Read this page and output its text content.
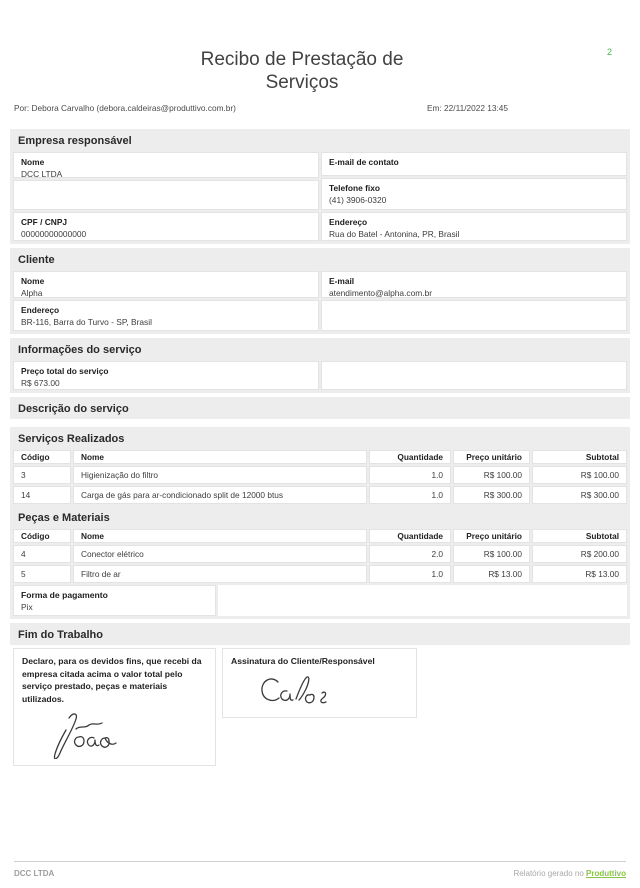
2
Recibo de Prestação de Serviços
Por: Debora Carvalho (debora.caldeiras@produttivo.com.br)	Em: 22/11/2022 13:45
Empresa responsável
Nome
DCC LTDA
CPF / CNPJ
00000000000000
E-mail de contato
Telefone fixo
(41) 3906-0320
Endereço
Rua do Batel - Antonina, PR, Brasil
Cliente
Nome
Alpha
Endereço
BR-116, Barra do Turvo - SP, Brasil
E-mail
atendimento@alpha.com.br
Informações do serviço
Preço total do serviço
R$ 673.00
Descrição do serviço
Serviços Realizados
Código	Nome	Quantidade	Preço unitário	Subtotal
3	Higienização do filtro	1.0	R$ 100.00	R$ 100.00
14	Carga de gás para ar-condicionado split de 12000 btus	1.0	R$ 300.00	R$ 300.00
Peças e Materiais
Código	Nome	Quantidade	Preço unitário	Subtotal
4	Conector elétrico	2.0	R$ 100.00	R$ 200.00
5	Filtro de ar	1.0	R$ 13.00	R$ 13.00
Forma de pagamento
Pix
Fim do Trabalho
Declaro, para os devidos fins, que recebi da empresa citada acima o valor total pelo serviço prestado, peças e materiais utilizados.
Assinatura do Cliente/Responsável
DCC LTDA	Relatório gerado no Produttivo
